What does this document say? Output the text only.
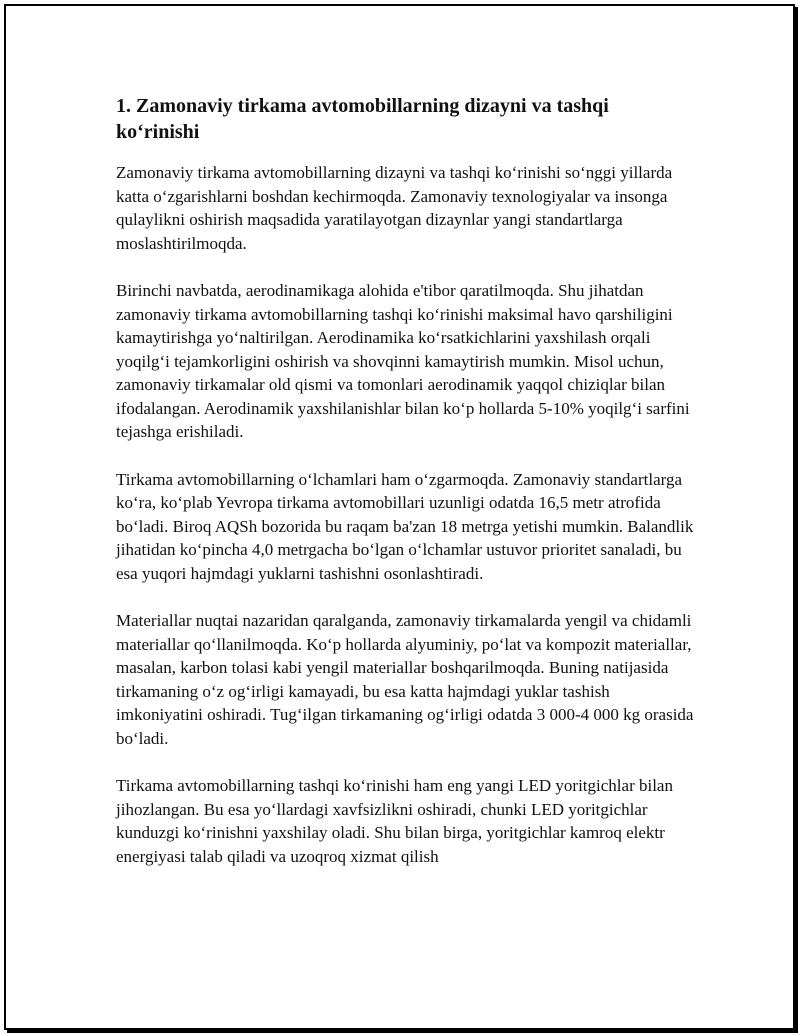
1. Zamonaviy tirkama avtomobillarning dizayni va tashqi ko‘rinishi

Zamonaviy tirkama avtomobillarning dizayni va tashqi ko‘rinishi so‘nggi yillarda katta o‘zgarishlarni boshdan kechirmoqda. Zamonaviy texnologiyalar va insonga qulaylikni oshirish maqsadida yaratilayotgan dizaynlar yangi standartlarga moslashtirilmoqda.

Birinchi navbatda, aerodinamikaga alohida e'tibor qaratilmoqda. Shu jihatdan zamonaviy tirkama avtomobillarning tashqi ko‘rinishi maksimal havo qarshiligini kamaytirishga yo‘naltirilgan. Aerodinamika ko‘rsatkichlarini yaxshilash orqali yoqilg‘i tejamkorligini oshirish va shovqinni kamaytirish mumkin. Misol uchun, zamonaviy tirkamalar old qismi va tomonlari aerodinamik yaqqol chiziqlar bilan ifodalangan. Aerodinamik yaxshilanishlar bilan ko‘p hollarda 5-10% yoqilg‘i sarfini tejashga erishiladi.

Tirkama avtomobillarning o‘lchamlari ham o‘zgarmoqda. Zamonaviy standartlarga ko‘ra, ko‘plab Yevropa tirkama avtomobillari uzunligi odatda 16,5 metr atrofida bo‘ladi. Biroq AQSh bozorida bu raqam ba'zan 18 metrga yetishi mumkin. Balandlik jihatidan ko‘pincha 4,0 metrgacha bo‘lgan o‘lchamlar ustuvor prioritet sanaladi, bu esa yuqori hajmdagi yuklarni tashishni osonlashtiradi.

Materiallar nuqtai nazaridan qaralganda, zamonaviy tirkamalarda yengil va chidamli materiallar qo‘llanilmoqda. Ko‘p hollarda alyuminiy, po‘lat va kompozit materiallar, masalan, karbon tolasi kabi yengil materiallar boshqarilmoqda. Buning natijasida tirkamaning o‘z og‘irligi kamayadi, bu esa katta hajmdagi yuklar tashish imkoniyatini oshiradi. Tug‘ilgan tirkamaning og‘irligi odatda 3 000-4 000 kg orasida bo‘ladi.

Tirkama avtomobillarning tashqi ko‘rinishi ham eng yangi LED yoritgichlar bilan jihozlangan. Bu esa yo‘llardagi xavfsizlikni oshiradi, chunki LED yoritgichlar kunduzgi ko‘rinishni yaxshilay oladi. Shu bilan birga, yoritgichlar kamroq elektr energiyasi talab qiladi va uzoqroq xizmat qilish
